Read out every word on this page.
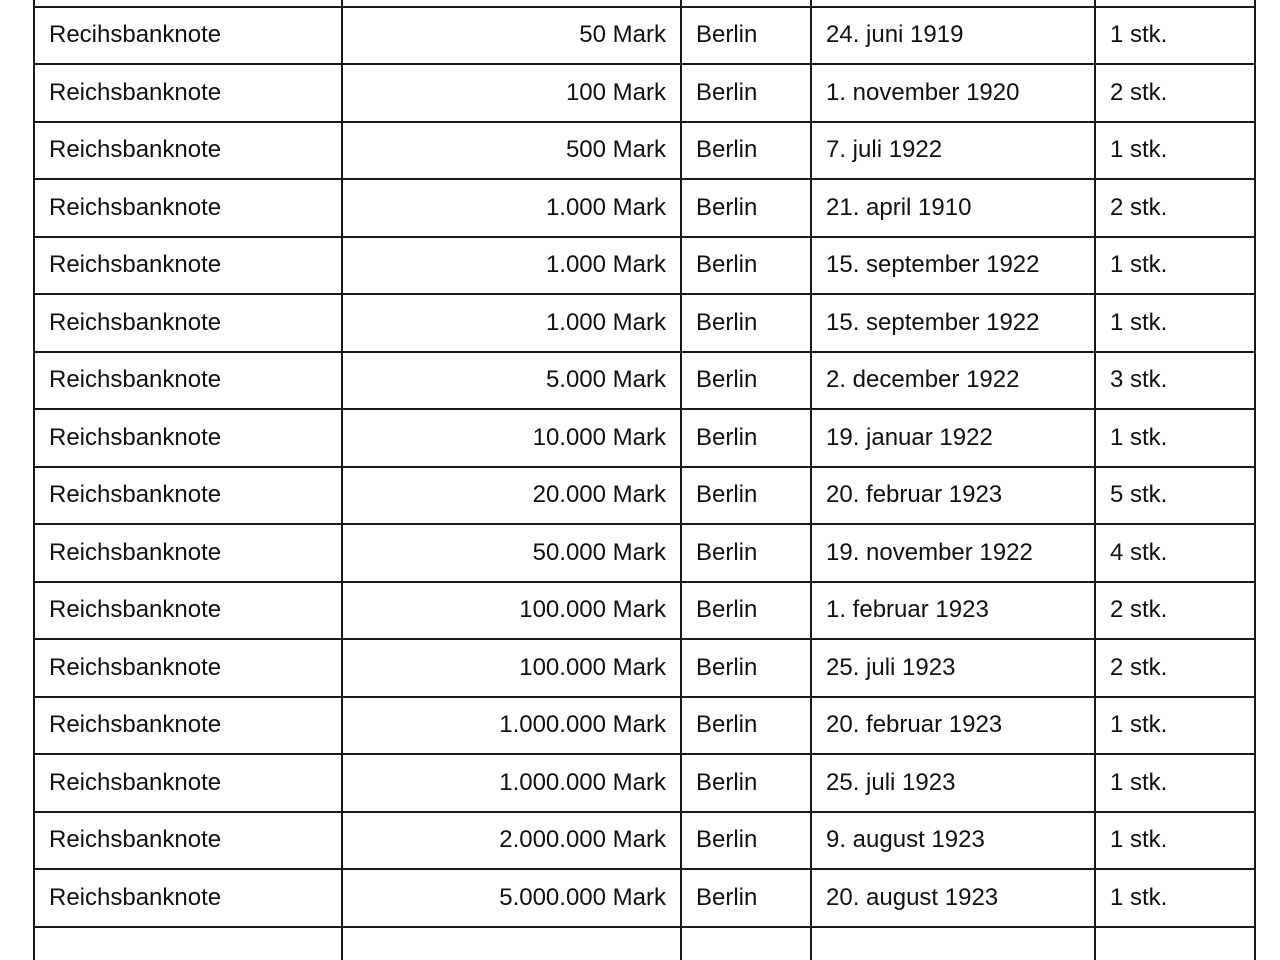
Recihsbanknote	50 Mark	Berlin	24. juni 1919	1 stk.
Reichsbanknote	100 Mark	Berlin	1. november 1920	2 stk.
Reichsbanknote	500 Mark	Berlin	7. juli 1922	1 stk.
Reichsbanknote	1.000 Mark	Berlin	21. april 1910	2 stk.
Reichsbanknote	1.000 Mark	Berlin	15. september 1922	1 stk.
Reichsbanknote	1.000 Mark	Berlin	15. september 1922	1 stk.
Reichsbanknote	5.000 Mark	Berlin	2. december 1922	3 stk.
Reichsbanknote	10.000 Mark	Berlin	19. januar 1922	1 stk.
Reichsbanknote	20.000 Mark	Berlin	20. februar 1923	5 stk.
Reichsbanknote	50.000 Mark	Berlin	19. november 1922	4 stk.
Reichsbanknote	100.000 Mark	Berlin	1. februar 1923	2 stk.
Reichsbanknote	100.000 Mark	Berlin	25. juli 1923	2 stk.
Reichsbanknote	1.000.000 Mark	Berlin	20. februar 1923	1 stk.
Reichsbanknote	1.000.000 Mark	Berlin	25. juli 1923	1 stk.
Reichsbanknote	2.000.000 Mark	Berlin	9. august 1923	1 stk.
Reichsbanknote	5.000.000 Mark	Berlin	20. august 1923	1 stk.
